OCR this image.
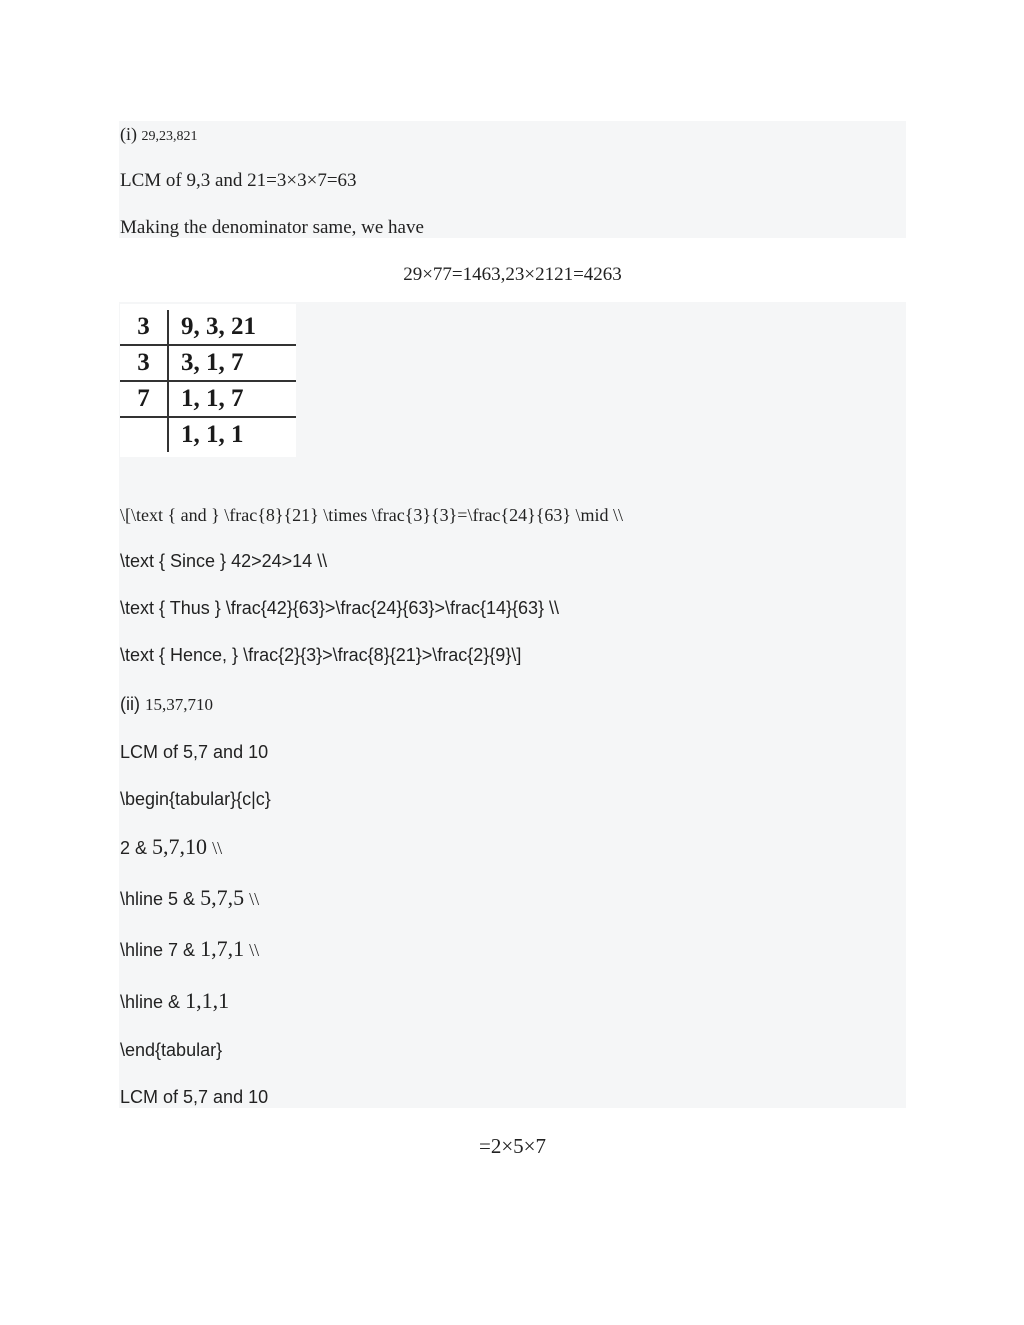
(i) 29,23,821
LCM of 9,3 and 21=3×3×7=63
Making the denominator same, we have
29×77=1463,23×2121=4263
3	9, 3, 21
3	3, 1, 7
7	1, 1, 7
	1, 1, 1
\[\text { and } \frac{8}{21} \times \frac{3}{3}=\frac{24}{63} \mid \\
\text { Since } 42>24>14 \\
\text { Thus } \frac{42}{63}>\frac{24}{63}>\frac{14}{63} \\
\text { Hence, } \frac{2}{3}>\frac{8}{21}>\frac{2}{9}\]
(ii) 15,37,710
LCM of 5,7 and 10
\begin{tabular}{c|c}
2 & 5,7,10 \\
\hline 5 & 5,7,5 \\
\hline 7 & 1,7,1 \\
\hline & 1,1,1
\end{tabular}
LCM of 5,7 and 10
=2×5×7
